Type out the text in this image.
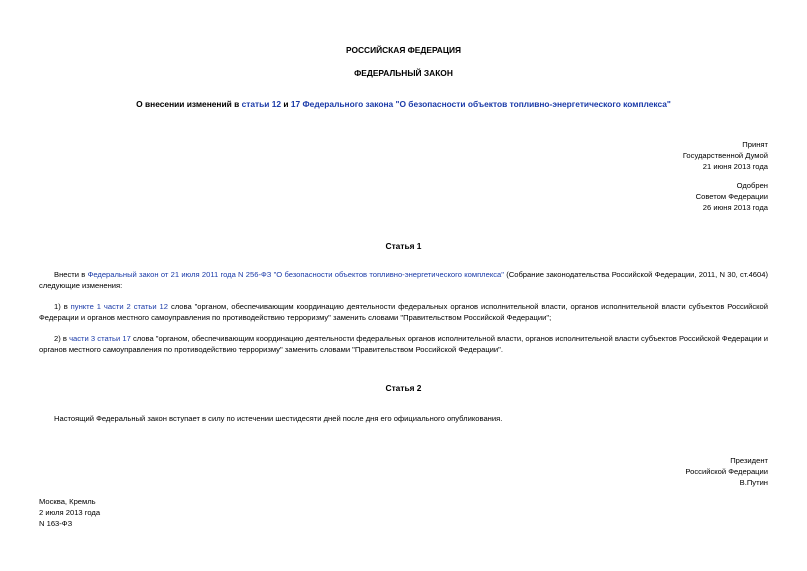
РОССИЙСКАЯ ФЕДЕРАЦИЯ
ФЕДЕРАЛЬНЫЙ ЗАКОН
О внесении изменений в статьи 12 и 17 Федерального закона "О безопасности объектов топливно-энергетического комплекса"
Принят
Государственной Думой
21 июня 2013 года
Одобрен
Советом Федерации
26 июня 2013 года
Статья 1
Внести в Федеральный закон от 21 июля 2011 года N 256-ФЗ "О безопасности объектов топливно-энергетического комплекса" (Собрание законодательства Российской Федерации, 2011, N 30, ст.4604) следующие изменения:
1) в пункте 1 части 2 статьи 12 слова "органом, обеспечивающим координацию деятельности федеральных органов исполнительной власти, органов исполнительной власти субъектов Российской Федерации и органов местного самоуправления по противодействию терроризму" заменить словами "Правительством Российской Федерации";
2) в части 3 статьи 17 слова "органом, обеспечивающим координацию деятельности федеральных органов исполнительной власти, органов исполнительной власти субъектов Российской Федерации и органов местного самоуправления по противодействию терроризму" заменить словами "Правительством Российской Федерации".
Статья 2
Настоящий Федеральный закон вступает в силу по истечении шестидесяти дней после дня его официального опубликования.
Президент
Российской Федерации
В.Путин
Москва, Кремль
2 июля 2013 года
N 163-ФЗ
